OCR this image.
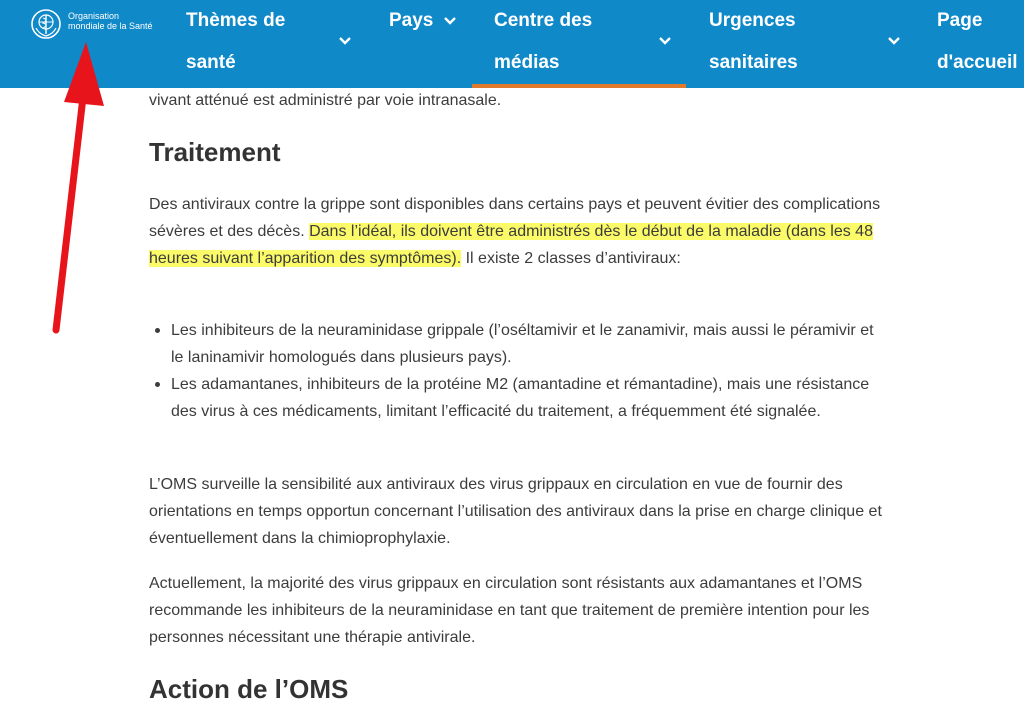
Organisation
mondiale de la Santé Thèmes de
santé
Pays	Centre des
médias
Urgences
sanitaires
Page
d'accueil

vivant atténué est administré par voie intranasale.

Traitement

Des antiviraux contre la grippe sont disponibles dans certains pays et peuvent évitier des complications sévères et des décès. Dans l’idéal, ils doivent être administrés dès le début de la maladie (dans les 48 heures suivant l’apparition des symptômes). Il existe 2 classes d’antiviraux:

Les inhibiteurs de la neuraminidase grippale (l’oséltamivir et le zanamivir, mais aussi le péramivir et le laninamivir homologués dans plusieurs pays).
Les adamantanes, inhibiteurs de la protéine M2 (amantadine et rémantadine), mais une résistance des virus à ces médicaments, limitant l’efficacité du traitement, a fréquemment été signalée.

L’OMS surveille la sensibilité aux antiviraux des virus grippaux en circulation en vue de fournir des orientations en temps opportun concernant l’utilisation des antiviraux dans la prise en charge clinique et éventuellement dans la chimioprophylaxie.

Actuellement, la majorité des virus grippaux en circulation sont résistants aux adamantanes et l’OMS recommande les inhibiteurs de la neuraminidase en tant que traitement de première intention pour les personnes nécessitant une thérapie antivirale.

Action de l’OMS
